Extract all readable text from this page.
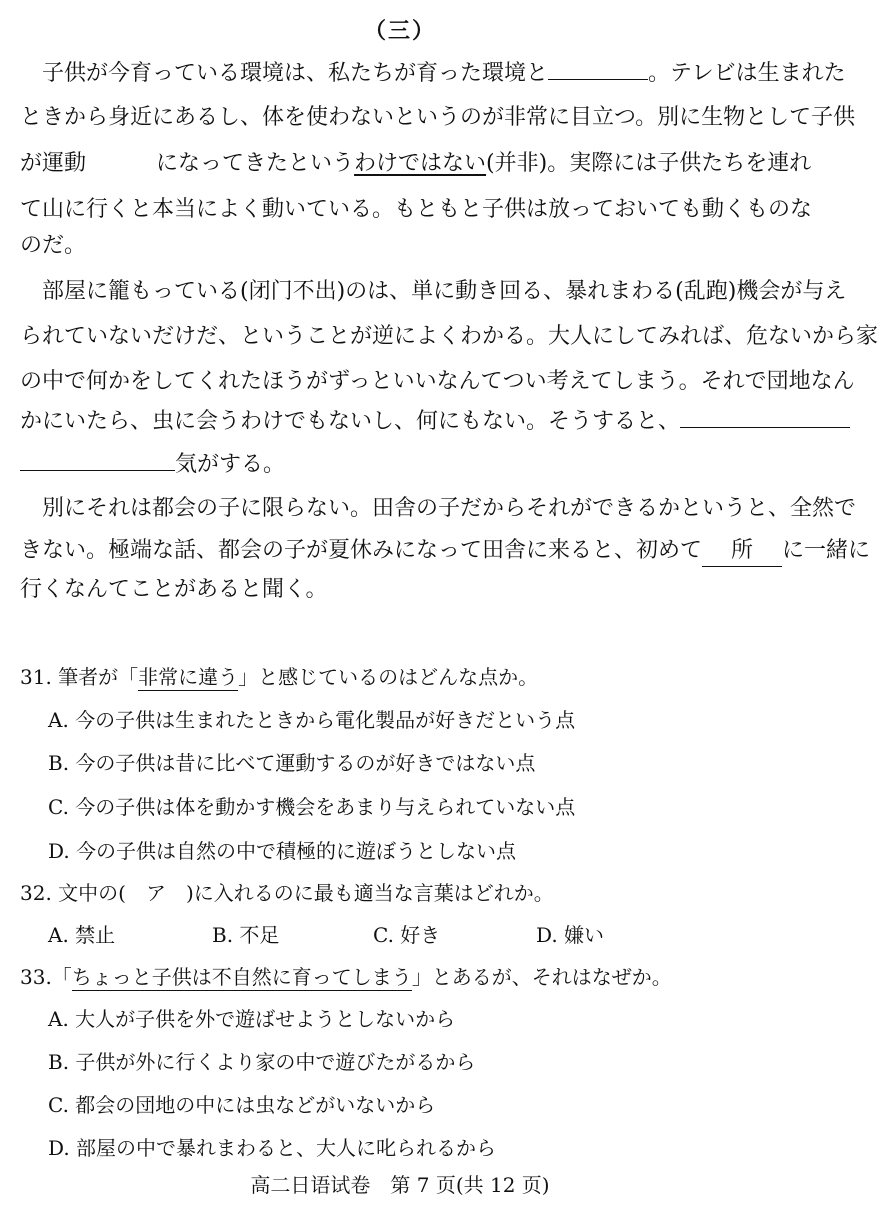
（三）
子供が今育っている環境は、私たちが育った環境と	。テレビは生まれた
ときから身近にあるし、体を使わないというのが非常に目立つ。別に生物として子供
が運動	になってきたというわけではない(并非)。実際には子供たちを連れ
て山に行くと本当によく動いている。もともと子供は放っておいても動くものな
のだ。
部屋に籠もっている(闭门不出)のは、単に動き回る、暴れまわる(乱跑)機会が与え
られていないだけだ、ということが逆によくわかる。大人にしてみれば、危ないから家
の中で何かをしてくれたほうがずっといいなんてつい考えてしまう。それで団地なん
かにいたら、虫に会うわけでもないし、何にもない。そうすると、
気がする。
別にそれは都会の子に限らない。田舎の子だからそれができるかというと、全然で
きない。極端な話、都会の子が夏休みになって田舎に来ると、初めて 所 に一緒に
行くなんてことがあると聞く。
31. 筆者が「非常に違う」と感じているのはどんな点か。
A. 今の子供は生まれたときから電化製品が好きだという点
B. 今の子供は昔に比べて運動するのが好きではない点
C. 今の子供は体を動かす機会をあまり与えられていない点
D. 今の子供は自然の中で積極的に遊ぼうとしない点
32. 文中の(　ア　)に入れるのに最も適当な言葉はどれか。
A. 禁止	B. 不足	C. 好き	D. 嫌い
33.「ちょっと子供は不自然に育ってしまう」とあるが、それはなぜか。
A. 大人が子供を外で遊ばせようとしないから
B. 子供が外に行くより家の中で遊びたがるから
C. 都会の団地の中には虫などがいないから
D. 部屋の中で暴れまわると、大人に叱られるから
高二日语试卷　第 7 页(共 12 页)
